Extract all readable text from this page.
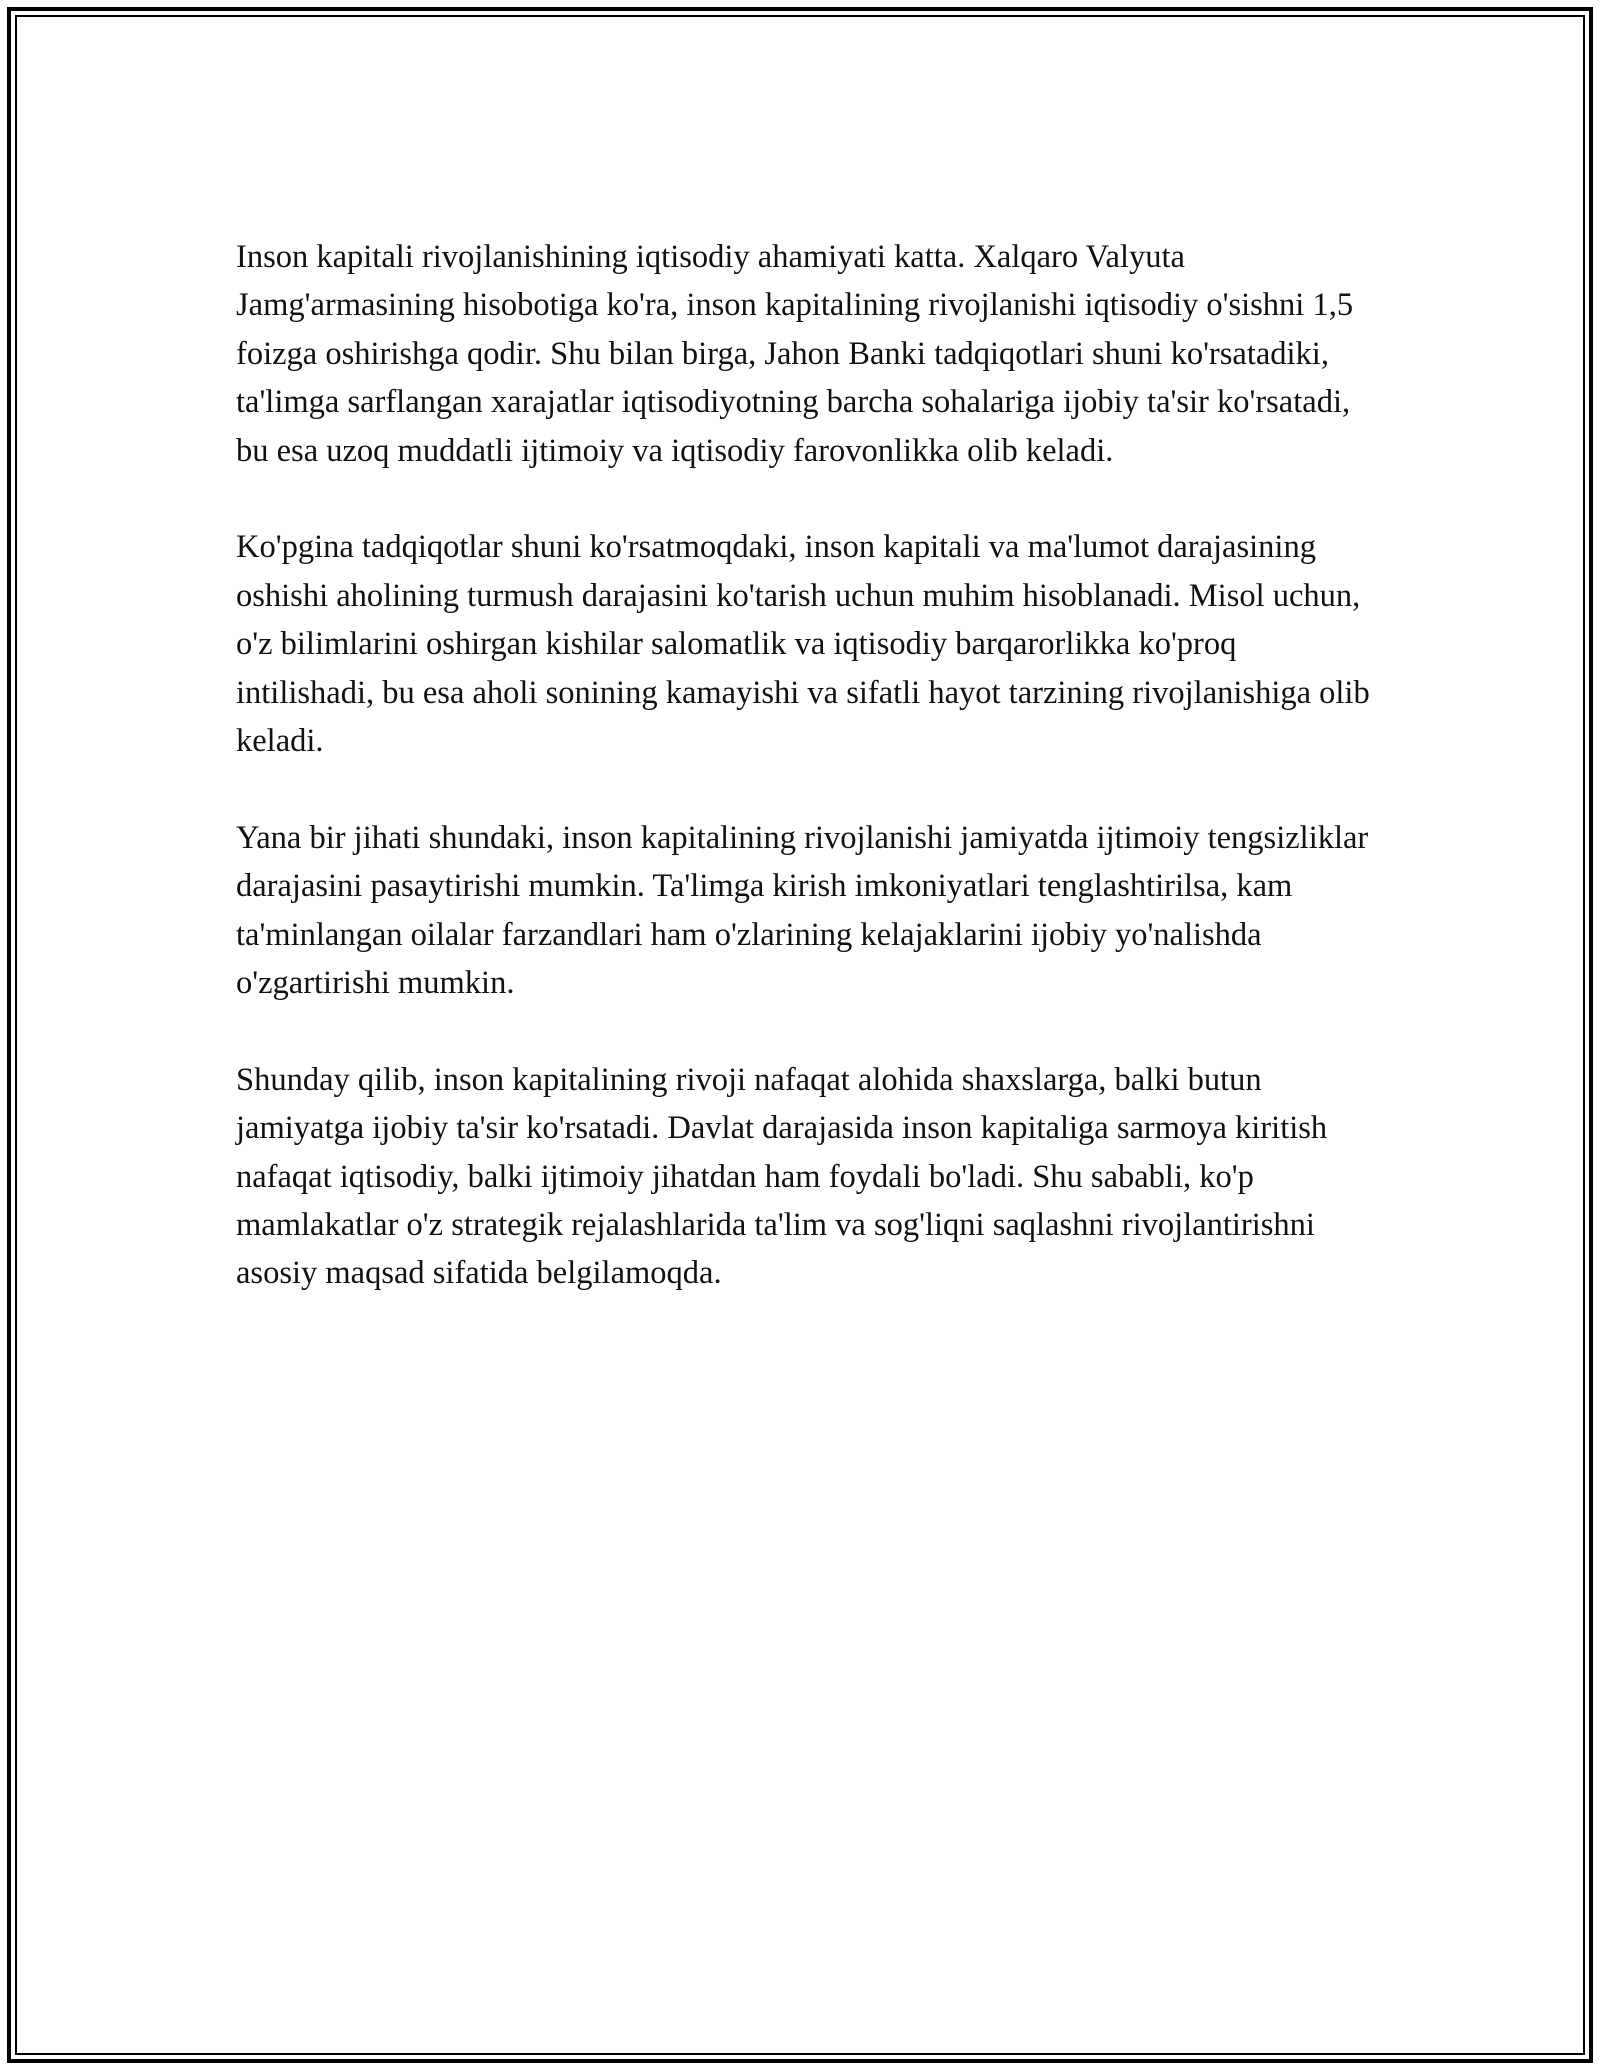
Inson kapitali rivojlanishining iqtisodiy ahamiyati katta. Xalqaro Valyuta Jamg'armasining hisobotiga ko'ra, inson kapitalining rivojlanishi iqtisodiy o'sishni 1,5 foizga oshirishga qodir. Shu bilan birga, Jahon Banki tadqiqotlari shuni ko'rsatadiki, ta'limga sarflangan xarajatlar iqtisodiyotning barcha sohalariga ijobiy ta'sir ko'rsatadi, bu esa uzoq muddatli ijtimoiy va iqtisodiy farovonlikka olib keladi.

Ko'pgina tadqiqotlar shuni ko'rsatmoqdaki, inson kapitali va ma'lumot darajasining oshishi aholining turmush darajasini ko'tarish uchun muhim hisoblanadi. Misol uchun, o'z bilimlarini oshirgan kishilar salomatlik va iqtisodiy barqarorlikka ko'proq intilishadi, bu esa aholi sonining kamayishi va sifatli hayot tarzining rivojlanishiga olib keladi.

Yana bir jihati shundaki, inson kapitalining rivojlanishi jamiyatda ijtimoiy tengsizliklar darajasini pasaytirishi mumkin. Ta'limga kirish imkoniyatlari tenglashtirilsa, kam ta'minlangan oilalar farzandlari ham o'zlarining kelajaklarini ijobiy yo'nalishda o'zgartirishi mumkin.

Shunday qilib, inson kapitalining rivoji nafaqat alohida shaxslarga, balki butun jamiyatga ijobiy ta'sir ko'rsatadi. Davlat darajasida inson kapitaliga sarmoya kiritish nafaqat iqtisodiy, balki ijtimoiy jihatdan ham foydali bo'ladi. Shu sababli, ko'p mamlakatlar o'z strategik rejalashlarida ta'lim va sog'liqni saqlashni rivojlantirishni asosiy maqsad sifatida belgilamoqda.
